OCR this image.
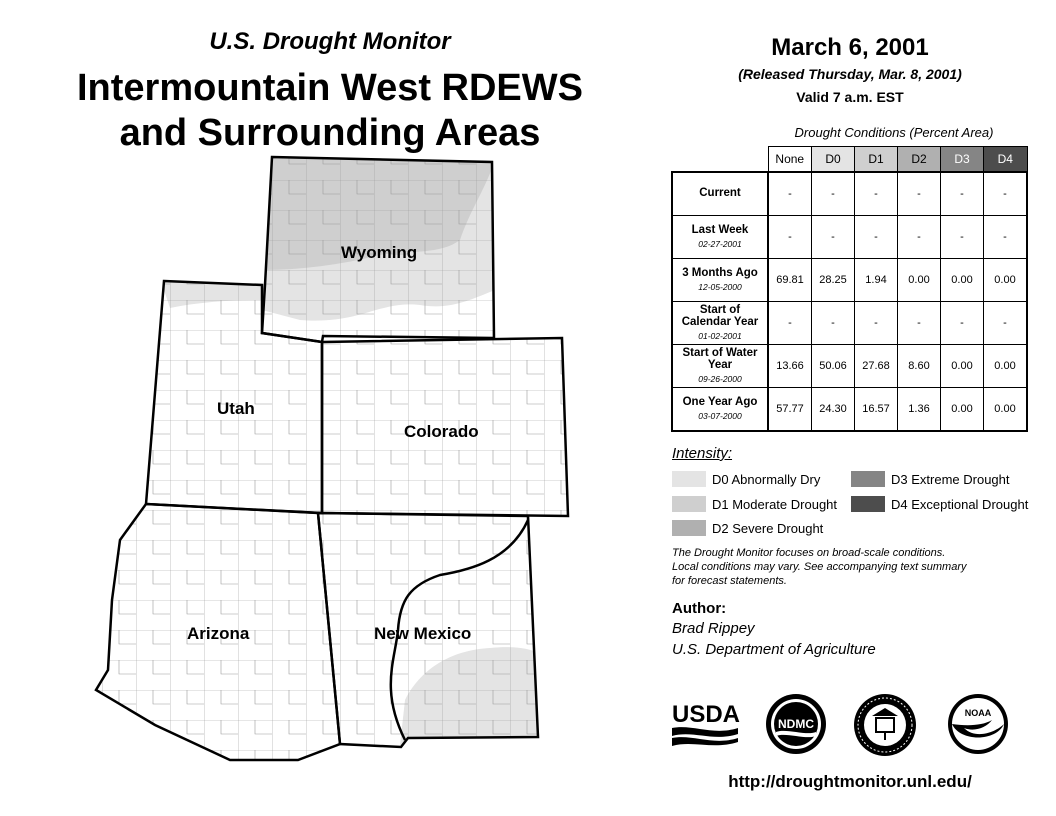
U.S. Drought Monitor
Intermountain West RDEWS
and Surrounding Areas
Wyoming
Utah
Colorado
Arizona	New Mexico
March 6, 2001
(Released Thursday, Mar. 8, 2001)
Valid 7 a.m. EST
Drought Conditions (Percent Area)
	None	D0	D1	D2	D3	D4
Current	-	-	-	-	-	-
Last Week
02-27-2001	-	-	-	-	-	-
3 Months Ago
12-05-2000	69.81	28.25	1.94	0.00	0.00	0.00
Start of Calendar Year
01-02-2001	-	-	-	-	-	-
Start of Water Year
09-26-2000	13.66	50.06	27.68	8.60	0.00	0.00
One Year Ago
03-07-2000	57.77	24.30	16.57	1.36	0.00	0.00
Intensity:
D0 Abnormally Dry
D1 Moderate Drought
D2 Severe Drought
D3 Extreme Drought
D4 Exceptional Drought
The Drought Monitor focuses on broad-scale conditions.
Local conditions may vary. See accompanying text summary
for forecast statements.
Author:
Brad Rippey
U.S. Department of Agriculture
USDA	NDMC
NOAA
http://droughtmonitor.unl.edu/
